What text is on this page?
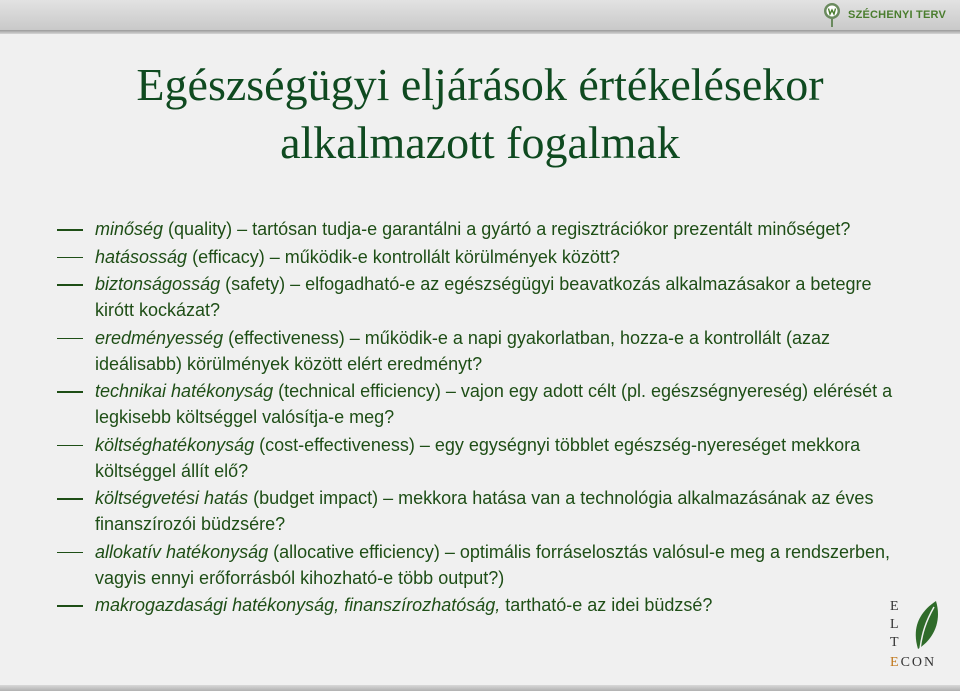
SZÉCHENYI TERV
Egészségügyi eljárások értékelésekor
alkalmazott fogalmak
minőség (quality) – tartósan tudja-e garantálni a gyártó a regisztrációkor prezentált minőséget?
hatásosság (efficacy) – működik-e kontrollált körülmények között?
biztonságosság (safety) – elfogadható-e az egészségügyi beavatkozás alkalmazásakor a betegre kirótt kockázat?
eredményesség (effectiveness) – működik-e a napi gyakorlatban, hozza-e a kontrollált (azaz ideálisabb) körülmények között elért eredményt?
technikai hatékonyság (technical efficiency) – vajon egy adott célt (pl. egészségnyereség) elérését a legkisebb költséggel valósítja-e meg?
költséghatékonyság (cost-effectiveness) – egy egységnyi többlet egészség-nyereséget mekkora költséggel állít elő?
költségvetési hatás (budget impact) – mekkora hatása van a technológia alkalmazásának az éves finanszírozói büdzsére?
allokatív hatékonyság (allocative efficiency) – optimális forráselosztás valósul-e meg a rendszerben, vagyis ennyi erőforrásból kihozható-e több output?)
makrogazdasági hatékonyság, finanszírozhatóság, tartható-e az idei büdzsé?	E
L
T
ECON
